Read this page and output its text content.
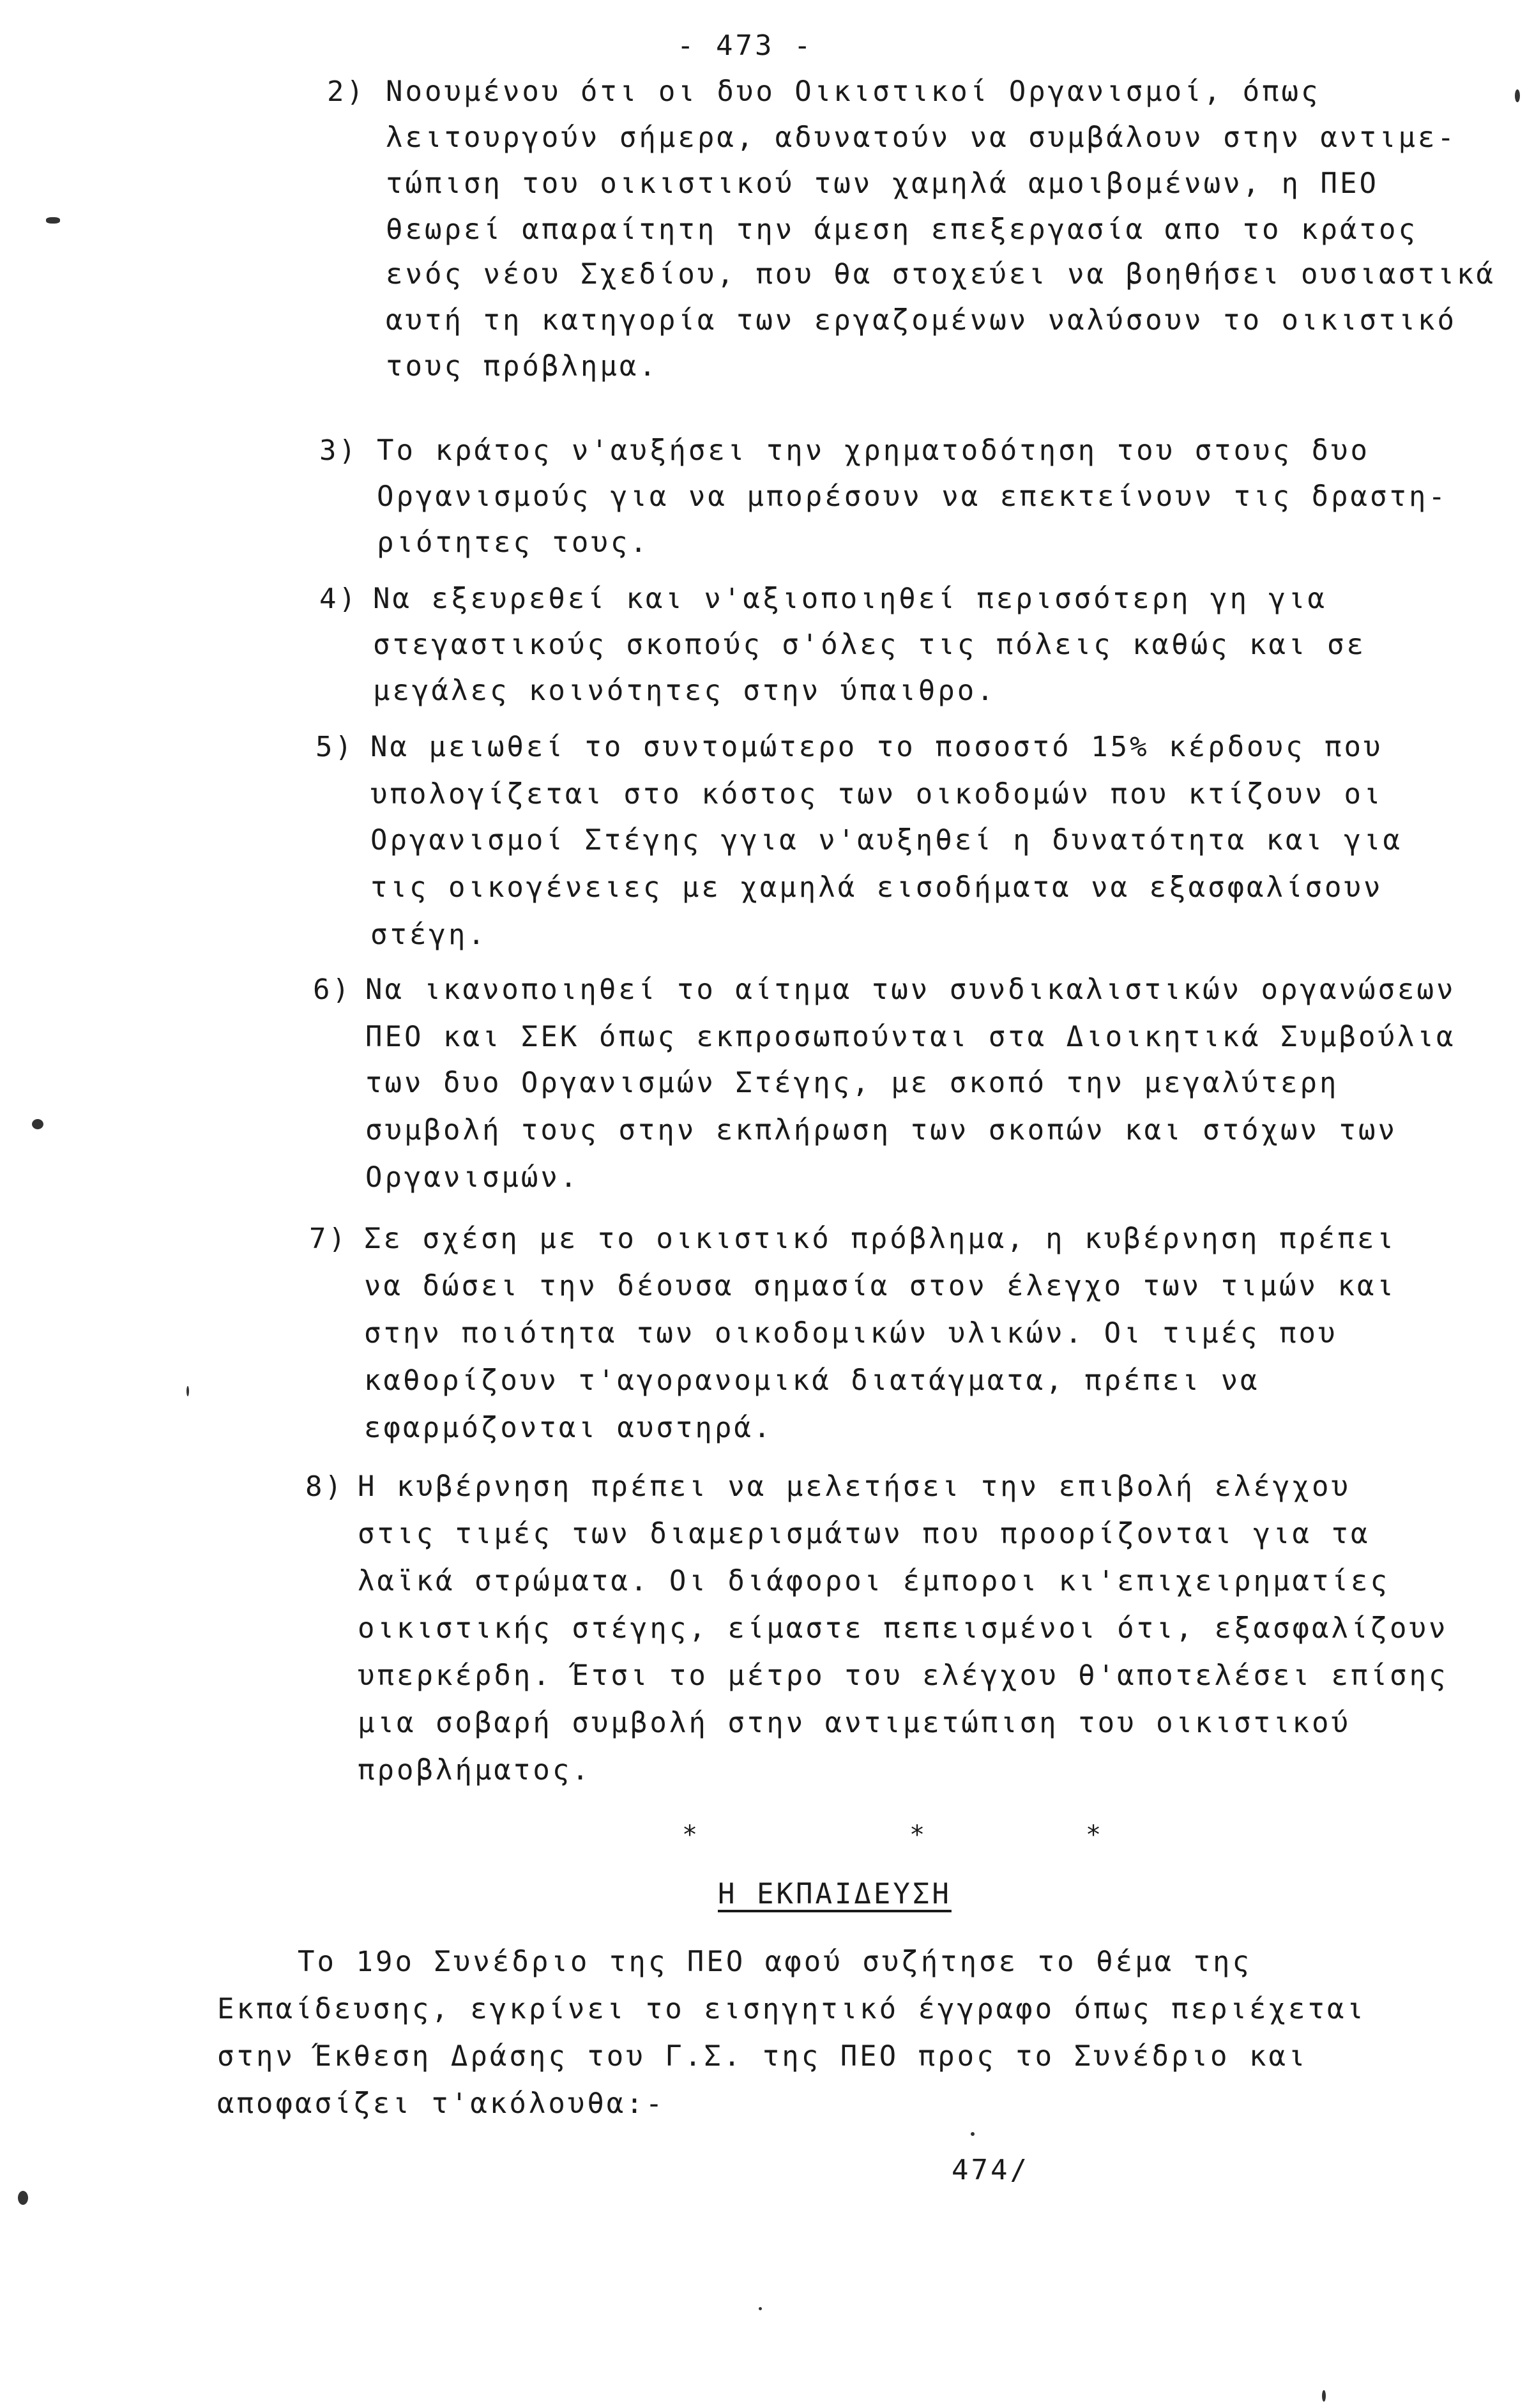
- 473 -
2) Νοουμένου ότι οι δυο Οικιστικοί Οργανισμοί, όπως
λειτουργούν σήμερα, αδυνατούν να συμβάλουν στην αντιμε-
τώπιση του οικιστικού των χαμηλά αμοιβομένων, η ΠΕΟ
θεωρεί απαραίτητη την άμεση επεξεργασία απο το κράτος
ενός νέου Σχεδίου, που θα στοχεύει να βοηθήσει ουσιαστικά
αυτή τη κατηγορία των εργαζομένων ναλύσουν το οικιστικό
τους πρόβλημα.
3) Το κράτος ν'αυξήσει την χρηματοδότηση του στους δυο
Οργανισμούς για να μπορέσουν να επεκτείνουν τις δραστη-
ριότητες τους.
4) Να εξευρεθεί και ν'αξιοποιηθεί περισσότερη γη για
στεγαστικούς σκοπούς σ'όλες τις πόλεις καθώς και σε
μεγάλες κοινότητες στην ύπαιθρο.
5) Να μειωθεί το συντομώτερο το ποσοστό 15% κέρδους που
υπολογίζεται στο κόστος των οικοδομών που κτίζουν οι
Οργανισμοί Στέγης γγια ν'αυξηθεί η δυνατότητα και για
τις οικογένειες με χαμηλά εισοδήματα να εξασφαλίσουν
στέγη.
6) Να ικανοποιηθεί το αίτημα των συνδικαλιστικών οργανώσεων
ΠΕΟ και ΣΕΚ όπως εκπροσωπούνται στα Διοικητικά Συμβούλια
των δυο Οργανισμών Στέγης, με σκοπό την μεγαλύτερη
συμβολή τους στην εκπλήρωση των σκοπών και στόχων των
Οργανισμών.
7) Σε σχέση με το οικιστικό πρόβλημα, η κυβέρνηση πρέπει
να δώσει την δέουσα σημασία στον έλεγχο των τιμών και
στην ποιότητα των οικοδομικών υλικών. Οι τιμές που
καθορίζουν τ'αγορανομικά διατάγματα, πρέπει να
εφαρμόζονται αυστηρά.
8) Η κυβέρνηση πρέπει να μελετήσει την επιβολή ελέγχου
στις τιμές των διαμερισμάτων που προορίζονται για τα
λαϊκά στρώματα. Οι διάφοροι έμποροι κι'επιχειρηματίες
οικιστικής στέγης, είμαστε πεπεισμένοι ότι, εξασφαλίζουν
υπερκέρδη. Έτσι το μέτρο του ελέγχου θ'αποτελέσει επίσης
μια σοβαρή συμβολή στην αντιμετώπιση του οικιστικού
προβλήματος.
*	*	*
Η ΕΚΠΑΙΔΕΥΣΗ
Το 19ο Συνέδριο της ΠΕΟ αφού συζήτησε το θέμα της
Εκπαίδευσης, εγκρίνει το εισηγητικό έγγραφο όπως περιέχεται
στην Έκθεση Δράσης του Γ.Σ. της ΠΕΟ προς το Συνέδριο και
αποφασίζει τ'ακόλουθα:-
474/
